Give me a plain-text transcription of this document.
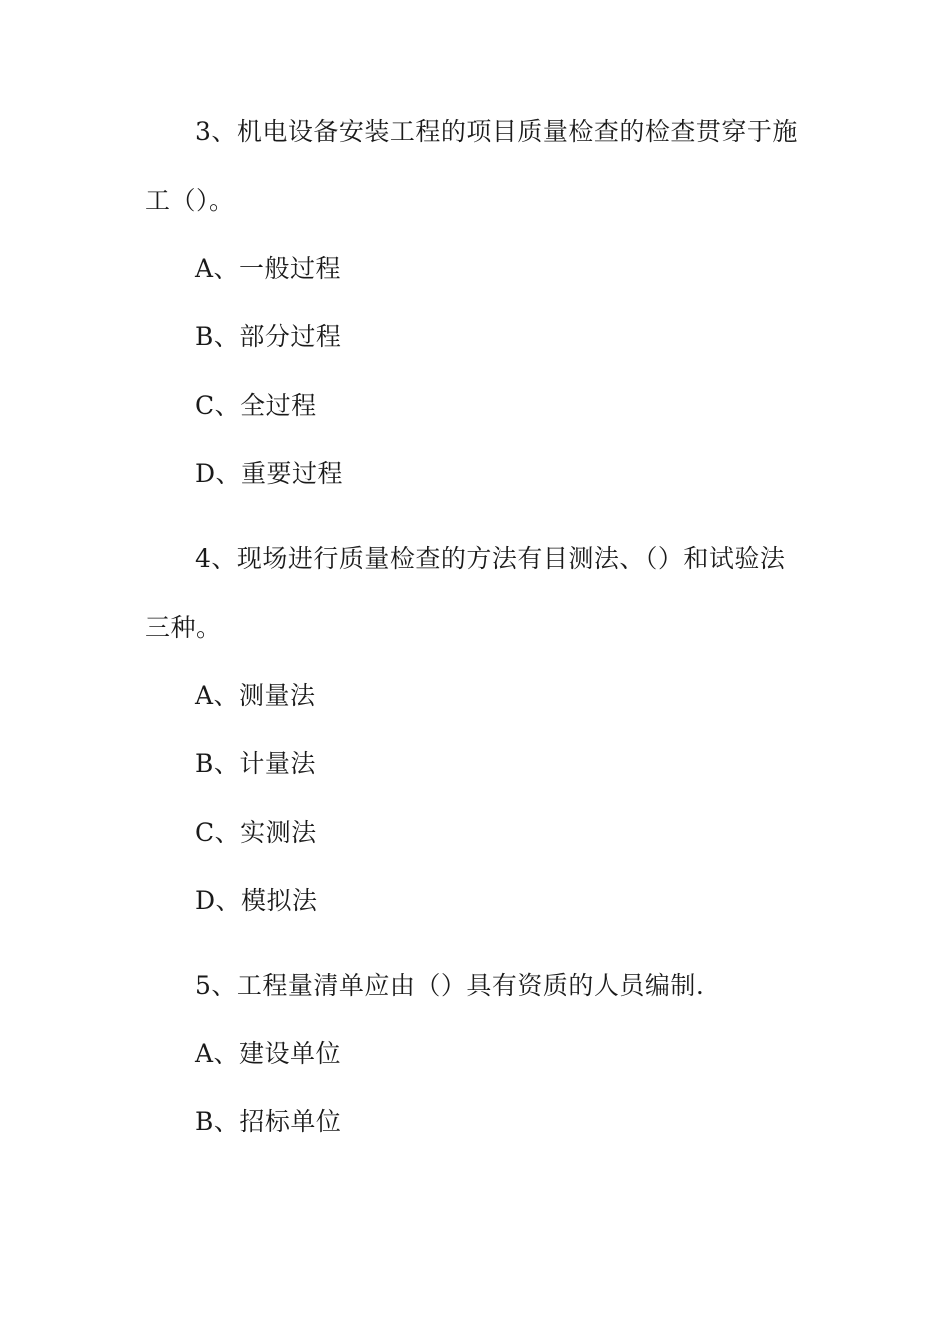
3、机电设备安装工程的项目质量检查的检查贯穿于施
工（）。
A、一般过程
B、部分过程
C、全过程
D、重要过程
4、现场进行质量检查的方法有目测法、（）和试验法
三种。
A、测量法
B、计量法
C、实测法
D、模拟法
5、工程量清单应由（）具有资质的人员编制.
A、建设单位
B、招标单位
